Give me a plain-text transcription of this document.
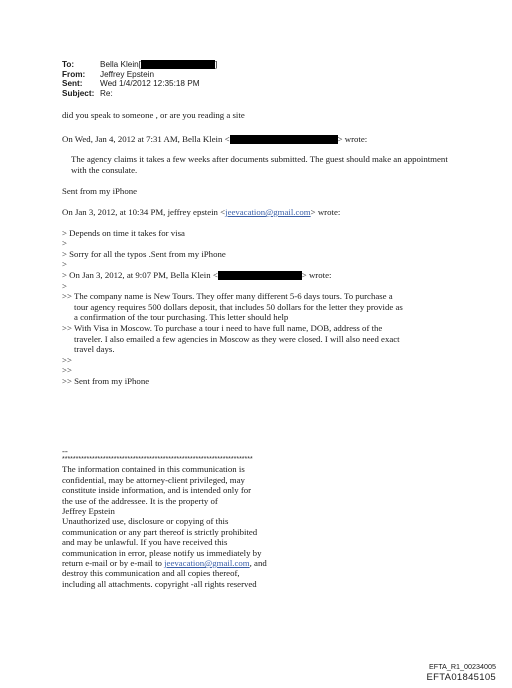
To:	Bella Klein[	]
From:	Jeffrey Epstein
Sent:	Wed 1/4/2012 12:35:18 PM
Subject: Re:

did you speak to someone , or are you reading a site

On Wed, Jan 4, 2012 at 7:31 AM, Bella Klein <	> wrote:

The agency claims it takes a few weeks after documents submitted. The guest should make an appointment with the consulate.

Sent from my iPhone

On Jan 3, 2012, at 10:34 PM, jeffrey epstein <jeevacation@gmail.com> wrote:

> Depends on time it takes for visa

>

> Sorry for all the typos .Sent from my iPhone

>

> On Jan 3, 2012, at 9:07 PM, Bella Klein <	> wrote:

>

>> The company name is New Tours. They offer many different 5-6 days tours. To purchase a

tour agency requires 500 dollars deposit, that includes 50 dollars for the letter they provide as

a confirmation of the tour purchasing. This letter should help

>> With Visa in Moscow. To purchase a tour i need to have full name, DOB, address of the

traveler. I also emailed a few agencies in Moscow as they were closed. I will also need exact

travel days.

>>

>>

>> Sent from my iPhone

--

**********************************************************************

The information contained in this communication is

confidential, may be attorney-client privileged, may

constitute inside information, and is intended only for

the use of the addressee. It is the property of

Jeffrey Epstein

Unauthorized use, disclosure or copying of this

communication or any part thereof is strictly prohibited

and may be unlawful. If you have received this

communication in error, please notify us immediately by

return e-mail or by e-mail to jeevacation@gmail.com, and

destroy this communication and all copies thereof,

including all attachments. copyright -all rights reserved

EFTA_R1_00234005
EFTA01845105
